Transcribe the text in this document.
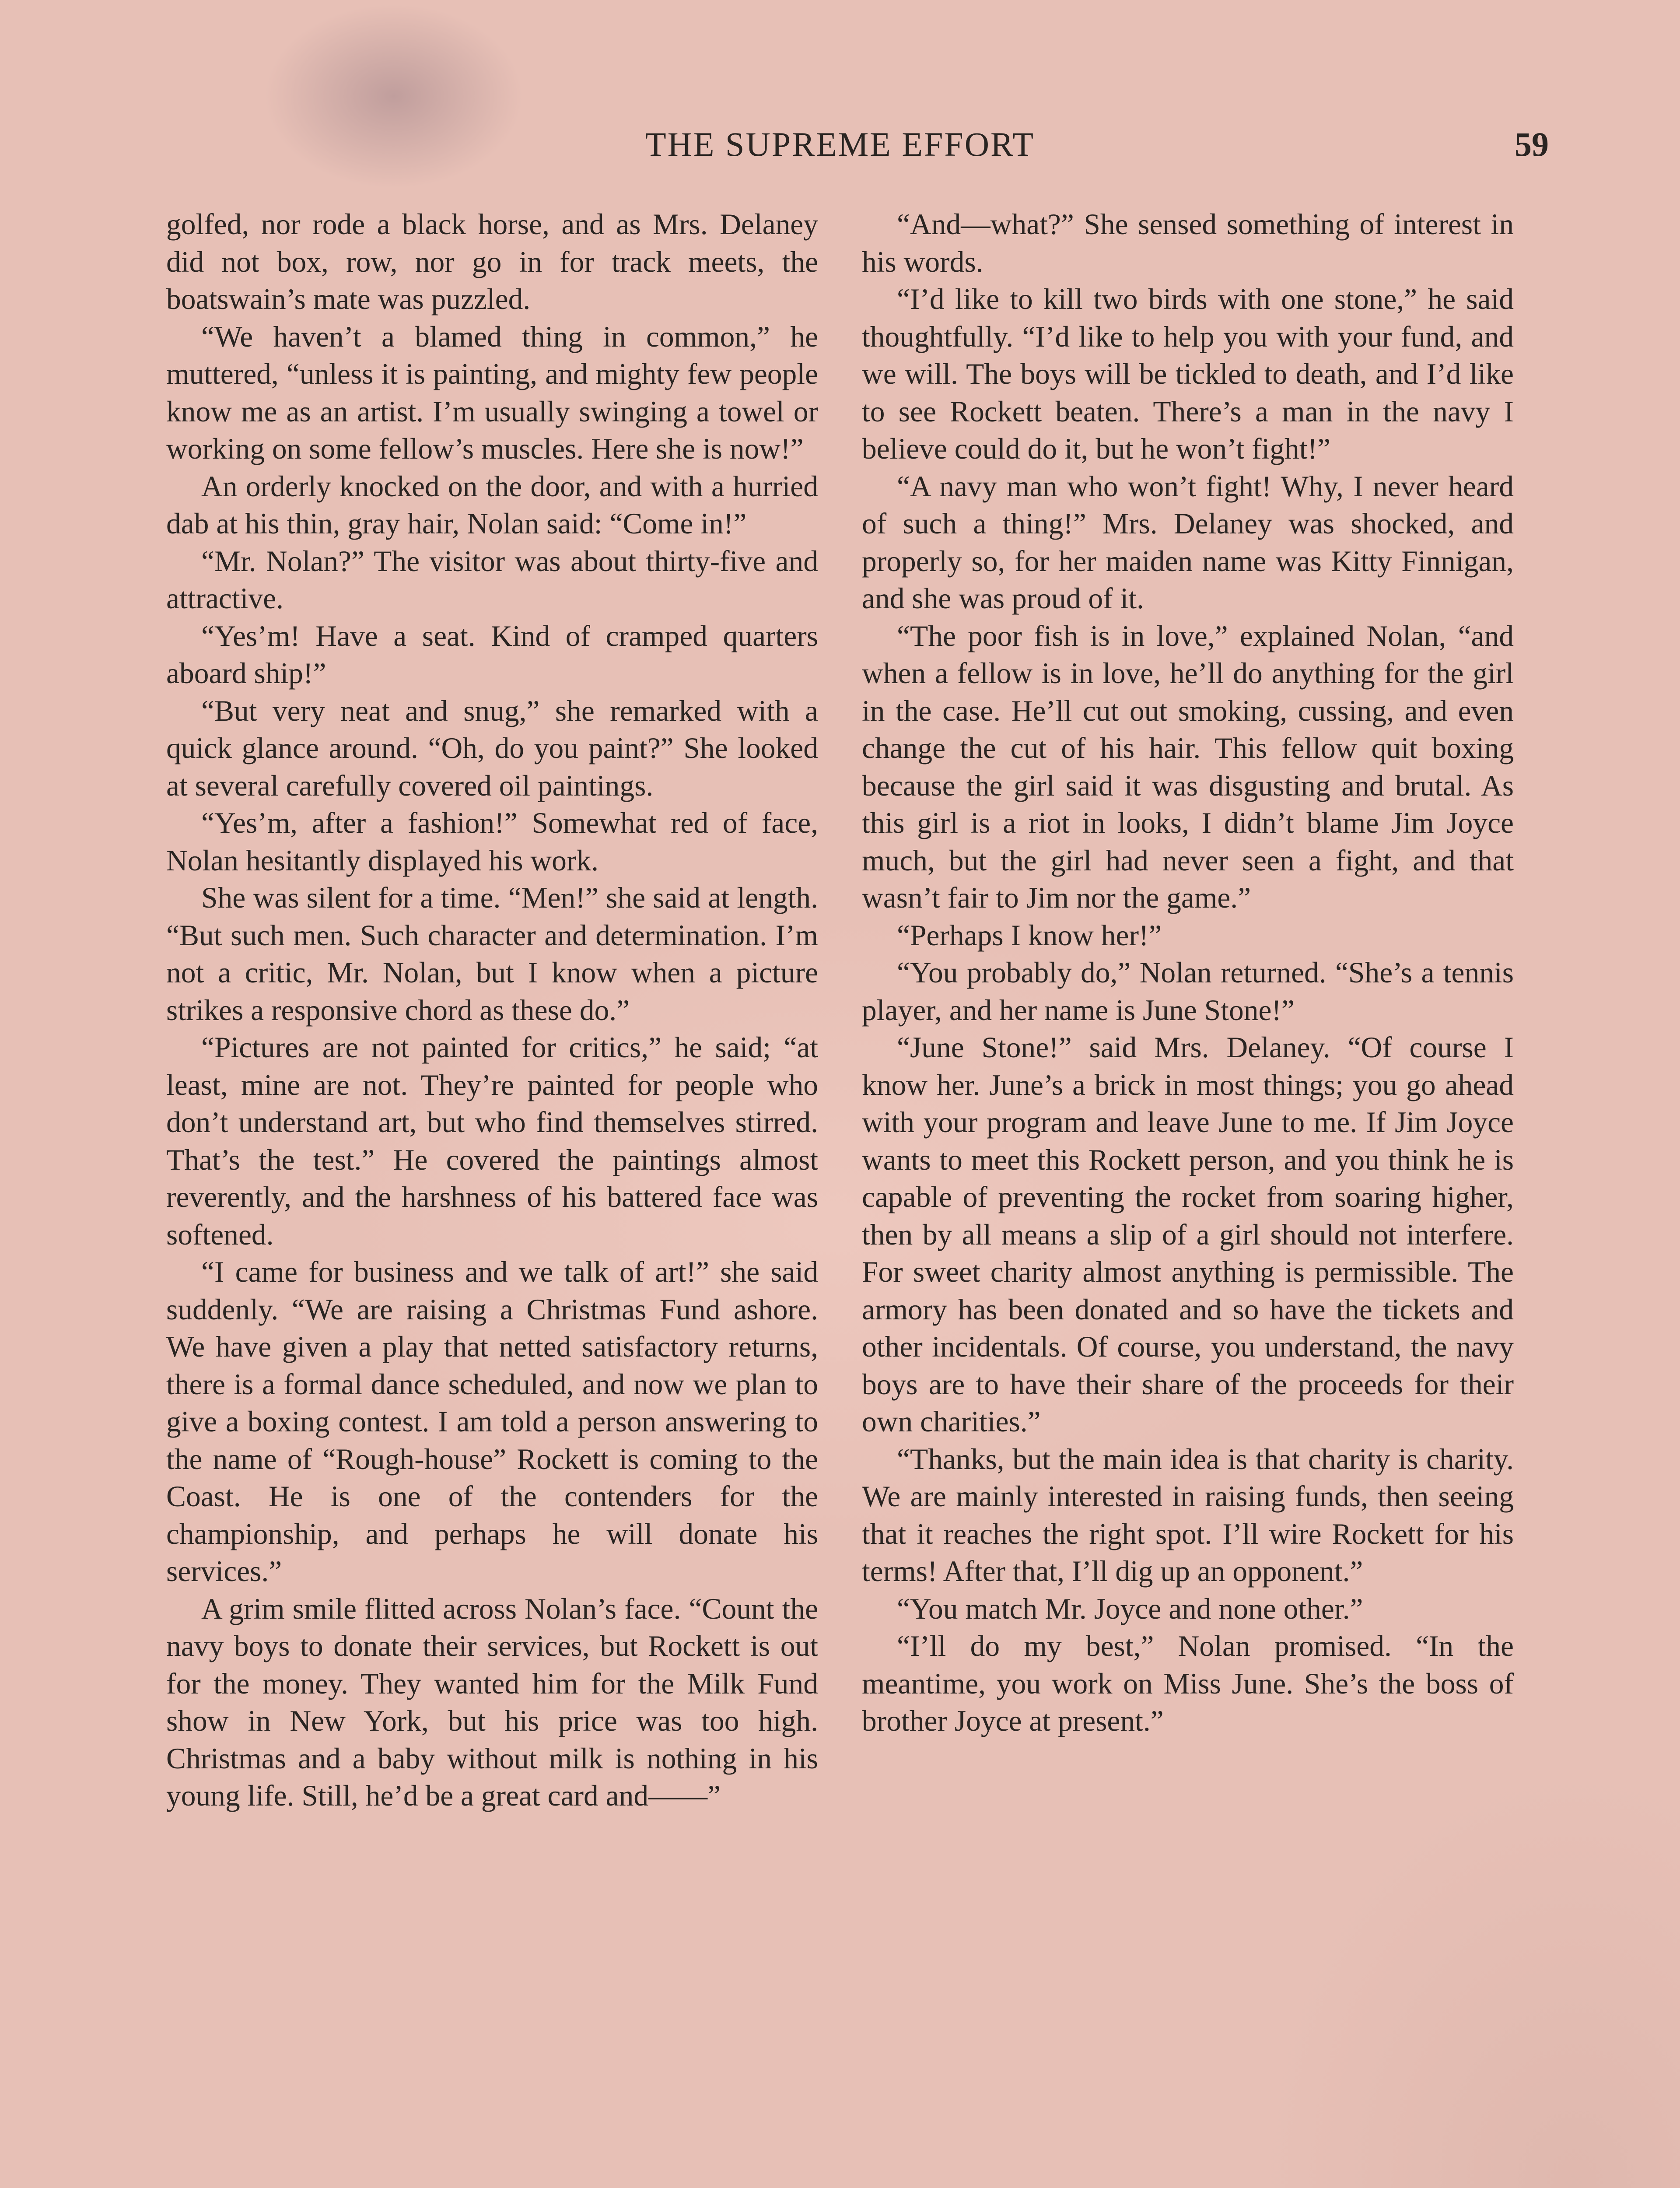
THE SUPREME EFFORT	59

golfed, nor rode a black horse, and as Mrs. Delaney did not box, row, nor go in for track meets, the boatswain’s mate was puzzled.

“We haven’t a blamed thing in common,” he muttered, “unless it is painting, and mighty few people know me as an artist. I’m usually swinging a towel or working on some fellow’s muscles. Here she is now!”

An orderly knocked on the door, and with a hurried dab at his thin, gray hair, Nolan said: “Come in!”

“Mr. Nolan?” The visitor was about thirty-five and attractive.

“Yes’m! Have a seat. Kind of cramped quarters aboard ship!”

“But very neat and snug,” she remarked with a quick glance around. “Oh, do you paint?” She looked at several carefully covered oil paintings.

“Yes’m, after a fashion!” Somewhat red of face, Nolan hesitantly displayed his work.

She was silent for a time. “Men!” she said at length. “But such men. Such character and determination. I’m not a critic, Mr. Nolan, but I know when a picture strikes a responsive chord as these do.”

“Pictures are not painted for critics,” he said; “at least, mine are not. They’re painted for people who don’t understand art, but who find themselves stirred. That’s the test.” He covered the paintings almost reverently, and the harshness of his battered face was softened.

“I came for business and we talk of art!” she said suddenly. “We are raising a Christmas Fund ashore. We have given a play that netted satisfactory returns, there is a formal dance scheduled, and now we plan to give a boxing contest. I am told a person answering to the name of “Rough-house” Rockett is coming to the Coast. He is one of the contenders for the championship, and perhaps he will donate his services.”

A grim smile flitted across Nolan’s face. “Count the navy boys to donate their services, but Rockett is out for the money. They wanted him for the Milk Fund show in New York, but his price was too high. Christmas and a baby without milk is nothing in his young life. Still, he’d be a great card and——”

“And—what?” She sensed something of interest in his words.

“I’d like to kill two birds with one stone,” he said thoughtfully. “I’d like to help you with your fund, and we will. The boys will be tickled to death, and I’d like to see Rockett beaten. There’s a man in the navy I believe could do it, but he won’t fight!”

“A navy man who won’t fight! Why, I never heard of such a thing!” Mrs. Delaney was shocked, and properly so, for her maiden name was Kitty Finnigan, and she was proud of it.

“The poor fish is in love,” explained Nolan, “and when a fellow is in love, he’ll do anything for the girl in the case. He’ll cut out smoking, cussing, and even change the cut of his hair. This fellow quit boxing because the girl said it was disgusting and brutal. As this girl is a riot in looks, I didn’t blame Jim Joyce much, but the girl had never seen a fight, and that wasn’t fair to Jim nor the game.”

“Perhaps I know her!”

“You probably do,” Nolan returned. “She’s a tennis player, and her name is June Stone!”

“June Stone!” said Mrs. Delaney. “Of course I know her. June’s a brick in most things; you go ahead with your program and leave June to me. If Jim Joyce wants to meet this Rockett person, and you think he is capable of preventing the rocket from soaring higher, then by all means a slip of a girl should not interfere. For sweet charity almost anything is permissible. The armory has been donated and so have the tickets and other incidentals. Of course, you understand, the navy boys are to have their share of the proceeds for their own charities.”

“Thanks, but the main idea is that charity is charity. We are mainly interested in raising funds, then seeing that it reaches the right spot. I’ll wire Rockett for his terms! After that, I’ll dig up an opponent.”

“You match Mr. Joyce and none other.”

“I’ll do my best,” Nolan promised. “In the meantime, you work on Miss June. She’s the boss of brother Joyce at present.”
